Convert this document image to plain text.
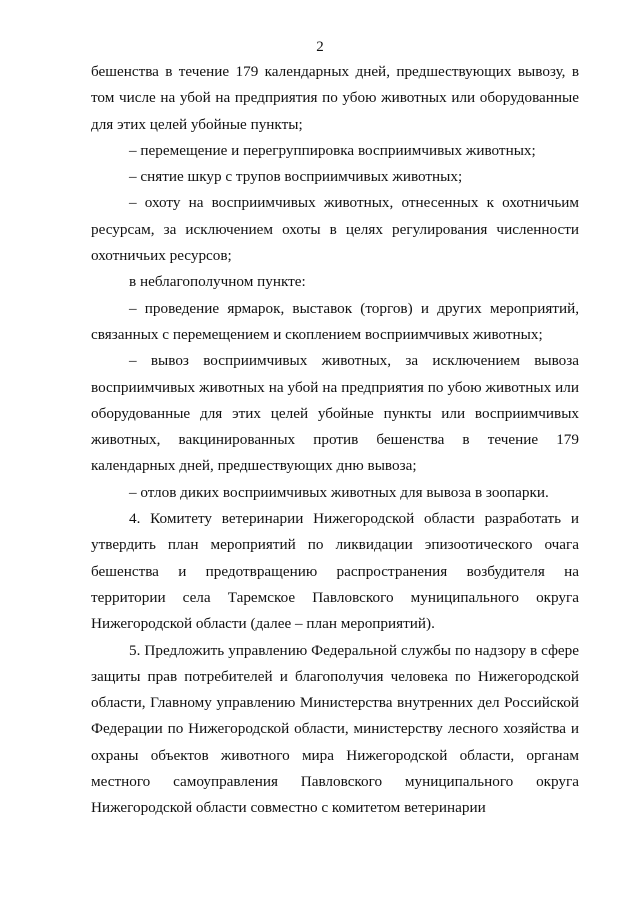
2

бешенства в течение 179 календарных дней, предшествующих вывозу, в том числе на убой на предприятия по убою животных или оборудованные для этих целей убойные пункты;

– перемещение и перегруппировка восприимчивых животных;

– снятие шкур с трупов восприимчивых животных;

– охоту на восприимчивых животных, отнесенных к охотничьим ресурсам, за исключением охоты в целях регулирования численности охотничьих ресурсов;

в неблагополучном пункте:

– проведение ярмарок, выставок (торгов) и других мероприятий, связанных с перемещением и скоплением восприимчивых животных;

– вывоз восприимчивых животных, за исключением вывоза восприимчивых животных на убой на предприятия по убою животных или оборудованные для этих целей убойные пункты или восприимчивых животных, вакцинированных против бешенства в течение 179 календарных дней, предшествующих дню вывоза;

– отлов диких восприимчивых животных для вывоза в зоопарки.

4. Комитету ветеринарии Нижегородской области разработать и утвердить план мероприятий по ликвидации эпизоотического очага бешенства и предотвращению распространения возбудителя на территории села Таремское Павловского муниципального округа Нижегородской области (далее – план мероприятий).

5. Предложить управлению Федеральной службы по надзору в сфере защиты прав потребителей и благополучия человека по Нижегородской области, Главному управлению Министерства внутренних дел Российской Федерации по Нижегородской области, министерству лесного хозяйства и охраны объектов животного мира Нижегородской области, органам местного самоуправления Павловского муниципального округа Нижегородской области совместно с комитетом ветеринарии
